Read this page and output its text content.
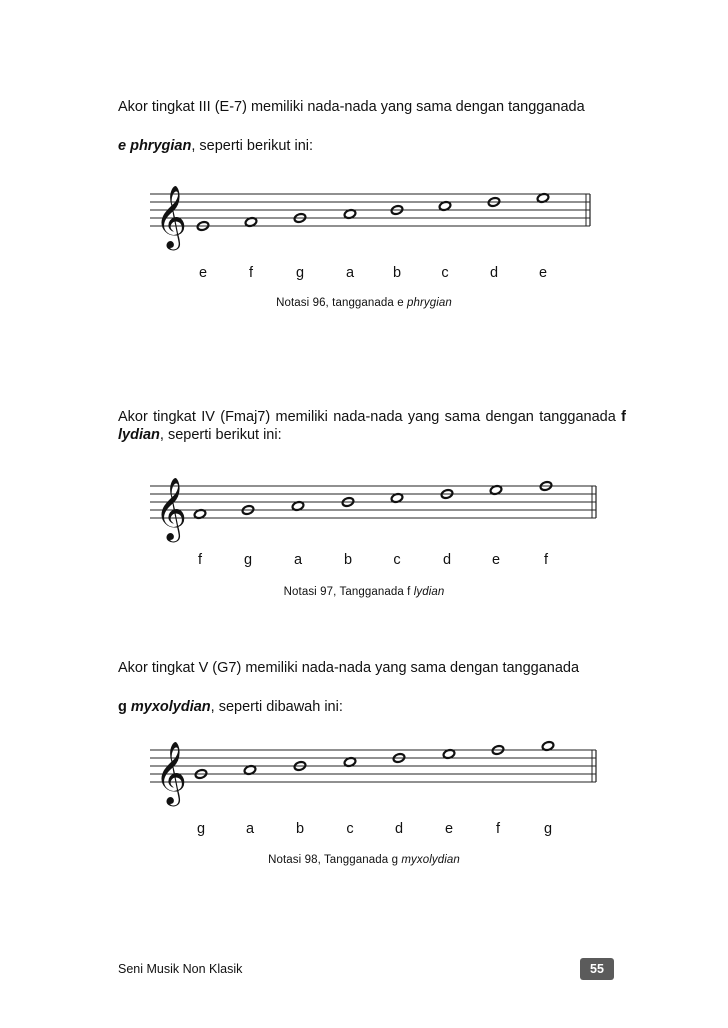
Akor tingkat III (E-7) memiliki nada-nada yang sama dengan tangganada

e phrygian, seperti berikut ini:

𝄞
e	f	g	a	b	c	d	e
Notasi 96, tangganada e phrygian

Akor tingkat IV (Fmaj7) memiliki nada-nada yang sama dengan tangganada f lydian, seperti berikut ini:

𝄞
f	g	a	b	c	d	e	f
Notasi 97, Tangganada f lydian

Akor tingkat V (G7) memiliki nada-nada yang sama dengan tangganada

g myxolydian, seperti dibawah ini:

𝄞
g	a	b	c	d	e	f	g
Notasi 98, Tangganada g myxolydian
Seni Musik Non Klasik	55
